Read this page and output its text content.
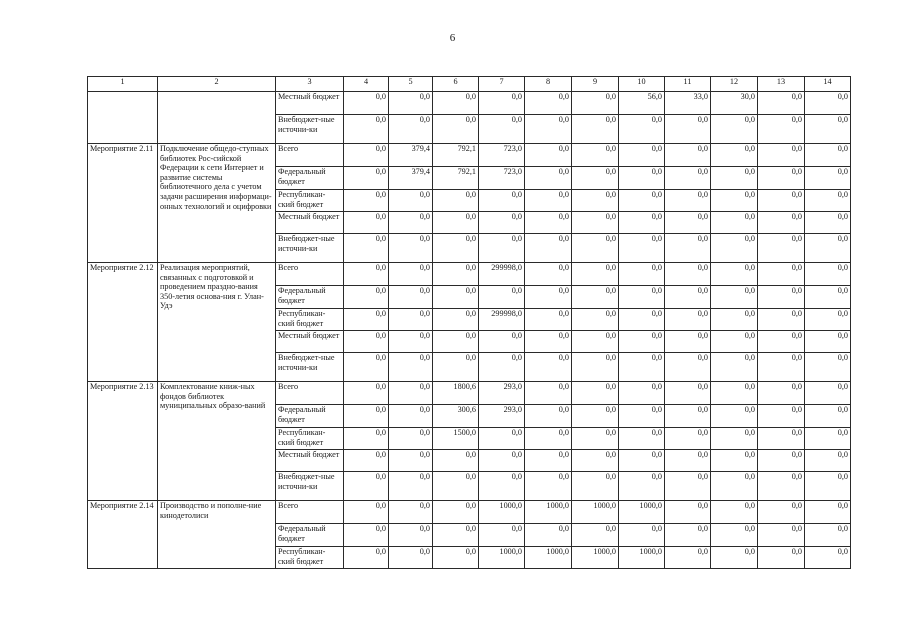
6
1	2	3	4	5	6	7	8	9	10	11	12	13	14
		Местный бюджет	0,0	0,0	0,0	0,0	0,0	0,0	56,0	33,0	30,0	0,0	0,0
		Внебюджет-ные источни-ки	0,0	0,0	0,0	0,0	0,0	0,0	0,0	0,0	0,0	0,0	0,0
Мероприятие 2.11	Подключение общедо-ступных библиотек Рос-сийской Федерации к сети Интернет и развитие системы библиотечного дела с учетом задачи расширения информаци-онных технологий и оцифровки	Всего	0,0	379,4	792,1	723,0	0,0	0,0	0,0	0,0	0,0	0,0	0,0
		Федеральный бюджет	0,0	379,4	792,1	723,0	0,0	0,0	0,0	0,0	0,0	0,0	0,0
		Республикан-ский бюджет	0,0	0,0	0,0	0,0	0,0	0,0	0,0	0,0	0,0	0,0	0,0
		Местный бюджет	0,0	0,0	0,0	0,0	0,0	0,0	0,0	0,0	0,0	0,0	0,0
		Внебюджет-ные источни-ки	0,0	0,0	0,0	0,0	0,0	0,0	0,0	0,0	0,0	0,0	0,0
Мероприятие 2.12	Реализация мероприятий, связанных с подготовкой и проведением праздно-вания 350-летия основа-ния г. Улан-Удэ	Всего	0,0	0,0	0,0	299998,0	0,0	0,0	0,0	0,0	0,0	0,0	0,0
		Федеральный бюджет	0,0	0,0	0,0	0,0	0,0	0,0	0,0	0,0	0,0	0,0	0,0
		Республикан-ский бюджет	0,0	0,0	0,0	299998,0	0,0	0,0	0,0	0,0	0,0	0,0	0,0
		Местный бюджет	0,0	0,0	0,0	0,0	0,0	0,0	0,0	0,0	0,0	0,0	0,0
		Внебюджет-ные источни-ки	0,0	0,0	0,0	0,0	0,0	0,0	0,0	0,0	0,0	0,0	0,0
Мероприятие 2.13	Комплектование книж-ных фондов библиотек муниципальных образо-ваний	Всего	0,0	0,0	1800,6	293,0	0,0	0,0	0,0	0,0	0,0	0,0	0,0
		Федеральный бюджет	0,0	0,0	300,6	293,0	0,0	0,0	0,0	0,0	0,0	0,0	0,0
		Республикан-ский бюджет	0,0	0,0	1500,0	0,0	0,0	0,0	0,0	0,0	0,0	0,0	0,0
		Местный бюджет	0,0	0,0	0,0	0,0	0,0	0,0	0,0	0,0	0,0	0,0	0,0
		Внебюджет-ные источни-ки	0,0	0,0	0,0	0,0	0,0	0,0	0,0	0,0	0,0	0,0	0,0
Мероприятие 2.14	Производство и пополне-ние кинодетолиси	Всего	0,0	0,0	0,0	1000,0	1000,0	1000,0	1000,0	0,0	0,0	0,0	0,0
		Федеральный бюджет	0,0	0,0	0,0	0,0	0,0	0,0	0,0	0,0	0,0	0,0	0,0
		Республикан-ский бюджет	0,0	0,0	0,0	1000,0	1000,0	1000,0	1000,0	0,0	0,0	0,0	0,0
